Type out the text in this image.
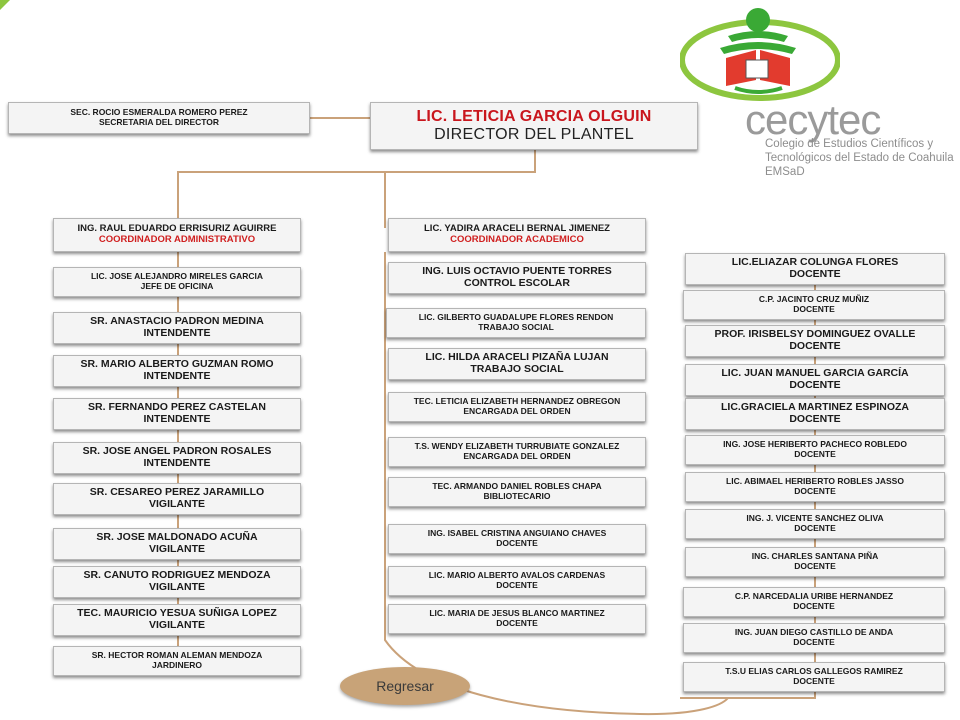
cecytec
Colegio de Estudios Científicos y
Tecnológicos del Estado de Coahuila
EMSaD
LIC. LETICIA GARCIA OLGUIN
DIRECTOR DEL PLANTEL
SEC. ROCIO ESMERALDA ROMERO PEREZ
SECRETARIA DEL DIRECTOR
ING. RAUL EDUARDO ERRISURIZ AGUIRRE
COORDINADOR ADMINISTRATIVO
LIC. JOSE ALEJANDRO MIRELES GARCIA
JEFE DE OFICINA
SR. ANASTACIO PADRON MEDINA
INTENDENTE
SR. MARIO ALBERTO GUZMAN ROMO
INTENDENTE
SR. FERNANDO PEREZ CASTELAN
INTENDENTE
SR. JOSE ANGEL PADRON ROSALES
INTENDENTE
SR. CESAREO PEREZ JARAMILLO
VIGILANTE
SR. JOSE MALDONADO ACUÑA
VIGILANTE
SR. CANUTO RODRIGUEZ MENDOZA
VIGILANTE
TEC. MAURICIO YESUA SUÑIGA LOPEZ
VIGILANTE
SR. HECTOR ROMAN ALEMAN MENDOZA
JARDINERO
LIC. YADIRA ARACELI BERNAL JIMENEZ
COORDINADOR ACADEMICO
ING. LUIS OCTAVIO PUENTE TORRES
CONTROL ESCOLAR
LIC. GILBERTO GUADALUPE FLORES RENDON
TRABAJO SOCIAL
LIC. HILDA ARACELI PIZAÑA LUJAN
TRABAJO SOCIAL
TEC. LETICIA ELIZABETH HERNANDEZ OBREGON
ENCARGADA DEL ORDEN
T.S. WENDY ELIZABETH TURRUBIATE GONZALEZ
ENCARGADA DEL ORDEN
TEC. ARMANDO DANIEL ROBLES CHAPA
BIBLIOTECARIO
ING. ISABEL CRISTINA ANGUIANO CHAVES
DOCENTE
LIC. MARIO ALBERTO AVALOS CARDENAS
DOCENTE
LIC. MARIA DE JESUS BLANCO MARTINEZ
DOCENTE
LIC.ELIAZAR COLUNGA FLORES
DOCENTE
C.P. JACINTO CRUZ MUÑIZ
DOCENTE
PROF. IRISBELSY DOMINGUEZ OVALLE
DOCENTE
LIC. JUAN MANUEL GARCIA GARCÍA
DOCENTE
LIC.GRACIELA MARTINEZ ESPINOZA
DOCENTE
ING. JOSE HERIBERTO PACHECO ROBLEDO
DOCENTE
LIC. ABIMAEL HERIBERTO ROBLES JASSO
DOCENTE
ING. J. VICENTE SANCHEZ OLIVA
DOCENTE
ING. CHARLES SANTANA PIÑA
DOCENTE
C.P. NARCEDALIA URIBE HERNANDEZ
DOCENTE
ING. JUAN DIEGO CASTILLO DE ANDA
DOCENTE
T.S.U ELIAS CARLOS GALLEGOS RAMIREZ
DOCENTE
Regresar
